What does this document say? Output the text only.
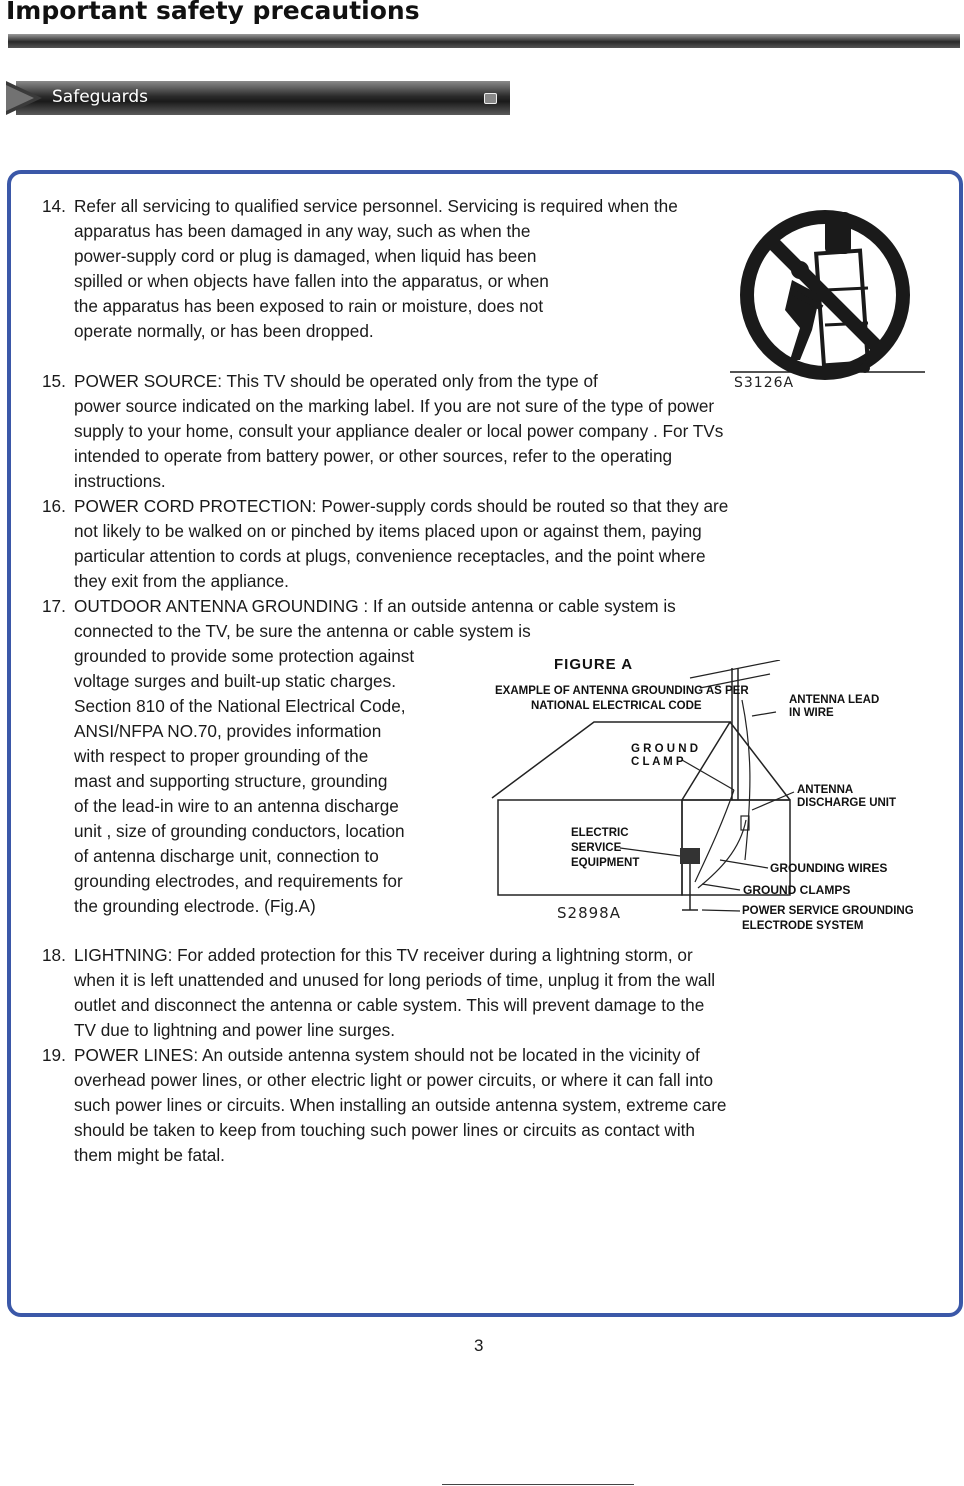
Important safety precautions
Safeguards
14. Refer all servicing to qualified service personnel. Servicing is required when the
apparatus has been damaged in any way, such as when the
power-supply cord or plug is damaged, when liquid has been
spilled or when objects have fallen into the apparatus, or when
the apparatus has been exposed to rain or moisture, does not
operate normally, or has been dropped.
15. POWER SOURCE: This TV should be operated only from the type of
power source indicated on the marking label. If you are not sure of the type of power
supply to your home, consult your appliance dealer or local power company . For TVs
intended to operate from battery power, or other sources, refer to the operating
instructions.
16. POWER CORD PROTECTION: Power-supply cords should be routed so that they are
not likely to be walked on or pinched by items placed upon or against them, paying
particular attention to cords at plugs, convenience receptacles, and the point where
they exit from the appliance.
17. OUTDOOR ANTENNA GROUNDING : If an outside antenna or cable system is
connected to the TV, be sure the antenna or cable system is
grounded to provide some protection against
voltage surges and built-up static charges.
Section 810 of the National Electrical Code,
ANSI/NFPA NO.70, provides information
with respect to proper grounding of the
mast and supporting structure, grounding
of the lead-in wire to an antenna discharge
unit , size of grounding conductors, location
of antenna discharge unit, connection to
grounding electrodes, and requirements for
the grounding electrode. (Fig.A)
18. LIGHTNING: For added protection for this TV receiver during a lightning storm, or
when it is left unattended and unused for long periods of time, unplug it from the wall
outlet and disconnect the antenna or cable system. This will prevent damage to the
TV due to lightning and power line surges.
19. POWER LINES: An outside antenna system should not be located in the vicinity of
overhead power lines, or other electric light or power circuits, or where it can fall into
such power lines or circuits. When installing an outside antenna system, extreme care
should be taken to keep from touching such power lines or circuits as contact with
them might be fatal.
S3126A
FIGURE A
EXAMPLE OF ANTENNA GROUNDING AS PER
NATIONAL ELECTRICAL CODE	ANTENNA LEAD
IN WIRE
G R O U N D
C L A M P
ANTENNA
DISCHARGE UNIT
ELECTRIC
SERVICE
EQUIPMENT	GROUNDING WIRES
GROUND CLAMPS
POWER SERVICE GROUNDING
ELECTRODE SYSTEM
S2898A
3
